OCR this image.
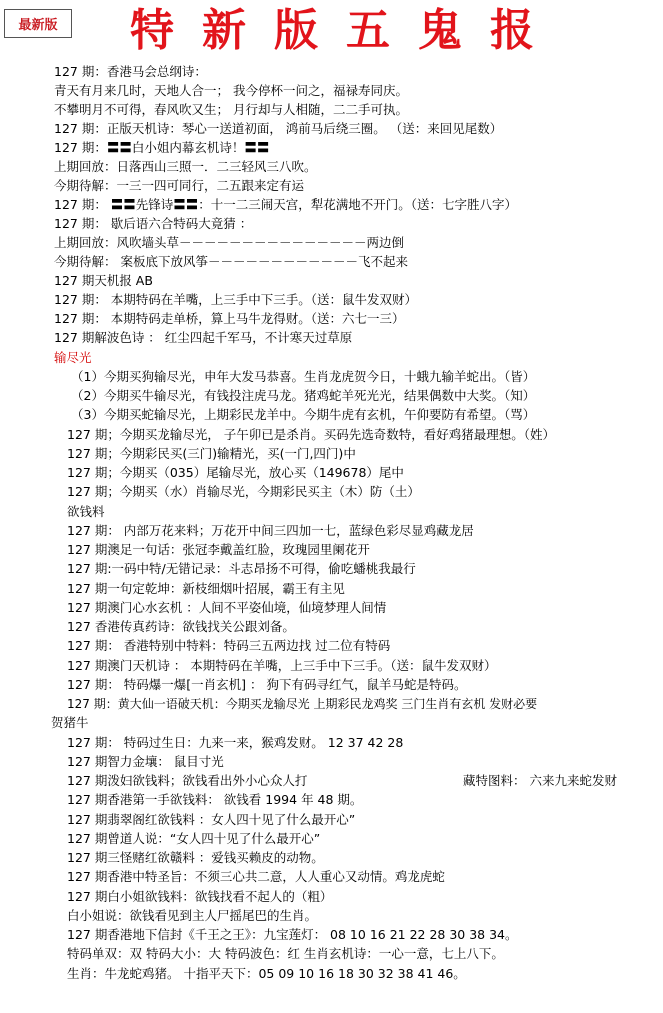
最新版	特新版五鬼报
127 期：香港马会总纲诗：
青天有月来几时，天地人合一； 我今停杯一问之，福禄寿同庆。
不攀明月不可得，春风吹又生； 月行却与人相随，二二手可执。
127 期：正版天机诗：琴心一送道初面， 鸿前马后绕三圈。 （送：来回见尾数）
127 期：〓〓白小姐内幕玄机诗！〓〓
上期回放：日落西山三照一．二三轻风三八吹。
今期待解：一三一四可同行，二五跟来定有运
127 期： 〓〓先锋诗〓〓：十一二三闹天宫，犁花满地不开门。（送：七字胜八字）
127 期： 歇后语六合特码大竟猜 ：
上期回放：风吹墙头草－－－－－－－－－－－－－－－两边倒
今期待解： 案板底下放风筝－－－－－－－－－－－－飞不起来
127 期天机报 AB
127 期： 本期特码在羊嘴，上三手中下三手。（送：鼠牛发双财）
127 期： 本期特码走单桥，算上马牛龙得财。（送：六七一三）
127 期解波色诗 ： 红尘四起千军马，不计寒天过草原
输尽光
（1）今期买狗输尽光，申年大发马恭喜。生肖龙虎贺今日，十蛾九输羊蛇出。（皆）
（2）今期买牛输尽光，有钱投注虎马龙。猪鸡蛇羊死光光，结果偶数中大奖。（知）
（3）今期买蛇输尽光，上期彩民龙羊中。今期牛虎有玄机，午仰要防有希望。（骂）
127 期；今期买龙输尽光， 子午卯已是杀肖。买码先选奇数特，看好鸡猪最理想。（姓）
127 期；今期彩民买(三门)输精光，买(一门,四门)中
127 期；今期买（035）尾输尽光，放心买（149678）尾中
127 期；今期买（水）肖输尽光，今期彩民买主（木）防（土）
欲钱料
127 期： 内部万花来料；万花开中间三四加一七，蓝绿色彩尽显鸡藏龙居
127 期澳足一句话：张冠李戴盖红脸，玫瑰园里阑花开
127 期:一码中特/无错记录：斗志昂扬不可得，偷吃蟠桃我最行
127 期一句定乾坤：新枝细烟叶招展，霸王有主见
127 期澳门心水玄机 ：人间不平姿仙境，仙境梦理人间情
127 香港传真药诗：欲钱找关公跟刘备。
127 期： 香港特别中特料：特码三五两边找 过二位有特码
127 期澳门天机诗 ： 本期特码在羊嘴，上三手中下三手。（送：鼠牛发双财）
127 期： 特码爆一爆[一肖玄机] ： 狗下有码寻红气，鼠羊马蛇是特码。
127 期：黄大仙一语破天机：今期买龙输尽光 上期彩民龙鸡奖 三门生肖有玄机 发财必要
贺猪牛
127 期： 特码过生日：九来一来，猴鸡发财。 12 37 42 28
127 期智力金壤： 鼠目寸光
127 期泼妇欲钱料；欲钱看出外小心众人打	藏特图料： 六来九来蛇发财
127 期香港第一手欲钱料： 欲钱看 1994 年 48 期。
127 期翡翠阁红欲钱料 ：女人四十见了什么最开心”
127 期曾道人说：“女人四十见了什么最开心”
127 期三怪赌红欲赣料 ：爱钱买赖皮的动物。
127 期香港中特圣旨：不须三心共二意，人人重心又动情。鸡龙虎蛇
127 期白小姐欲钱料：欲钱找看不起人的（粗）
白小姐说：欲钱看见到主人尸摇尾巴的生肖。
127 期香港地下信封《千王之王》：九宝莲灯： 08 10 16 21 22 28 30 38 34。
特码单双：双 特码大小：大 特码波色：红 生肖玄机诗：一心一意，七上八下。
生肖：牛龙蛇鸡猪。 十指平天下：05 09 10 16 18 30 32 38 41 46。
